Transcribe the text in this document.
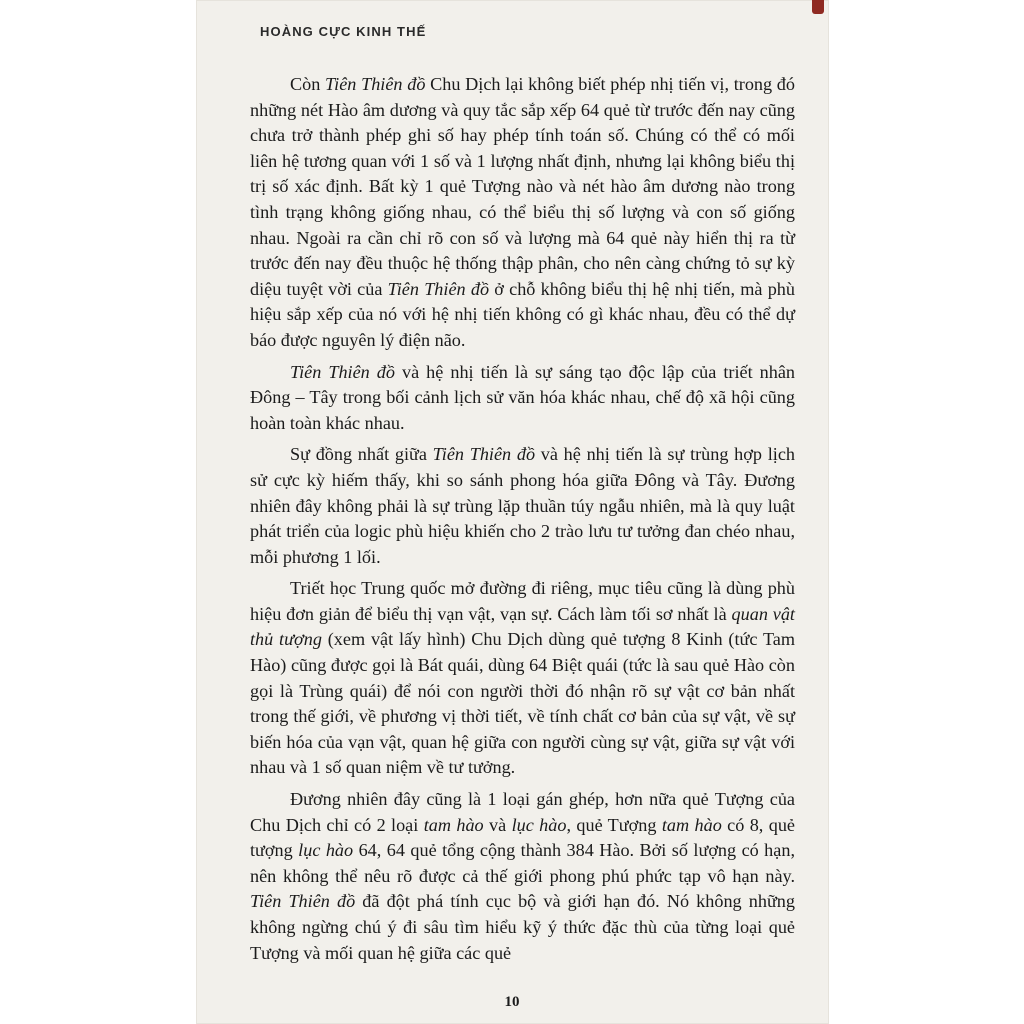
HOÀNG CỰC KINH THẾ

Còn Tiên Thiên đồ Chu Dịch lại không biết phép nhị tiến vị, trong đó những nét Hào âm dương và quy tắc sắp xếp 64 quẻ từ trước đến nay cũng chưa trở thành phép ghi số hay phép tính toán số. Chúng có thể có mối liên hệ tương quan với 1 số và 1 lượng nhất định, nhưng lại không biểu thị trị số xác định. Bất kỳ 1 quẻ Tượng nào và nét hào âm dương nào trong tình trạng không giống nhau, có thể biểu thị số lượng và con số giống nhau. Ngoài ra cần chỉ rõ con số và lượng mà 64 quẻ này hiển thị ra từ trước đến nay đều thuộc hệ thống thập phân, cho nên càng chứng tỏ sự kỳ diệu tuyệt vời của Tiên Thiên đồ ở chỗ không biểu thị hệ nhị tiến, mà phù hiệu sắp xếp của nó với hệ nhị tiến không có gì khác nhau, đều có thể dự báo được nguyên lý điện não.

Tiên Thiên đồ và hệ nhị tiến là sự sáng tạo độc lập của triết nhân Đông – Tây trong bối cảnh lịch sử văn hóa khác nhau, chế độ xã hội cũng hoàn toàn khác nhau.

Sự đồng nhất giữa Tiên Thiên đồ và hệ nhị tiến là sự trùng hợp lịch sử cực kỳ hiếm thấy, khi so sánh phong hóa giữa Đông và Tây. Đương nhiên đây không phải là sự trùng lặp thuần túy ngẫu nhiên, mà là quy luật phát triển của logic phù hiệu khiến cho 2 trào lưu tư tưởng đan chéo nhau, mỗi phương 1 lối.

Triết học Trung quốc mở đường đi riêng, mục tiêu cũng là dùng phù hiệu đơn giản để biểu thị vạn vật, vạn sự. Cách làm tối sơ nhất là quan vật thủ tượng (xem vật lấy hình) Chu Dịch dùng quẻ tượng 8 Kinh (tức Tam Hào) cũng được gọi là Bát quái, dùng 64 Biệt quái (tức là sau quẻ Hào còn gọi là Trùng quái) để nói con người thời đó nhận rõ sự vật cơ bản nhất trong thế giới, về phương vị thời tiết, về tính chất cơ bản của sự vật, về sự biến hóa của vạn vật, quan hệ giữa con người cùng sự vật, giữa sự vật với nhau và 1 số quan niệm về tư tưởng.

Đương nhiên đây cũng là 1 loại gán ghép, hơn nữa quẻ Tượng của Chu Dịch chỉ có 2 loại tam hào và lục hào, quẻ Tượng tam hào có 8, quẻ tượng lục hào 64, 64 quẻ tổng cộng thành 384 Hào. Bởi số lượng có hạn, nên không thể nêu rõ được cả thế giới phong phú phức tạp vô hạn này. Tiên Thiên đồ đã đột phá tính cục bộ và giới hạn đó. Nó không những không ngừng chú ý đi sâu tìm hiểu kỹ ý thức đặc thù của từng loại quẻ Tượng và mối quan hệ giữa các quẻ

10
